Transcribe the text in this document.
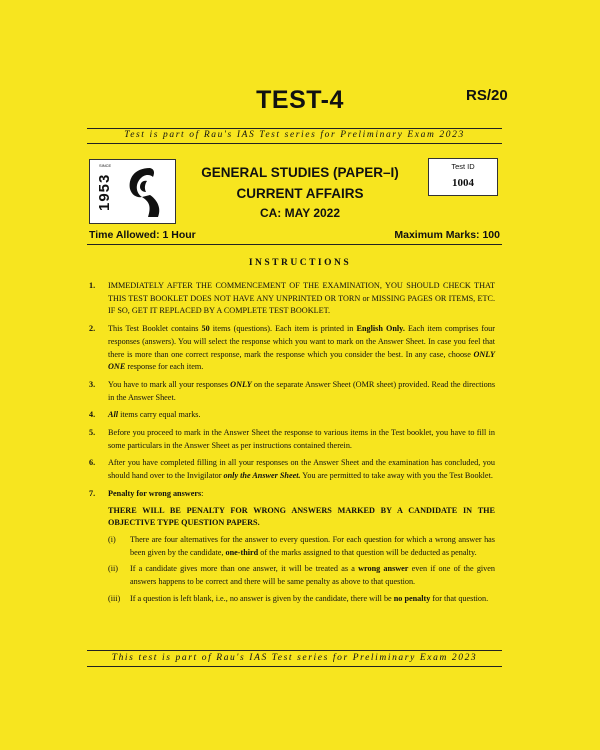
TEST-4	RS/20
Test is part of Rau's IAS Test series for Preliminary Exam 2023
SINCE
1953
GENERAL STUDIES (PAPER–I)
CURRENT AFFAIRS
CA: MAY 2022
Test ID
1004
Time Allowed: 1 Hour	Maximum Marks: 100
INSTRUCTIONS
1. IMMEDIATELY AFTER THE COMMENCEMENT OF THE EXAMINATION, YOU SHOULD CHECK THAT THIS TEST BOOKLET DOES NOT HAVE ANY UNPRINTED OR TORN or MISSING PAGES OR ITEMS, ETC. IF SO, GET IT REPLACED BY A COMPLETE TEST BOOKLET.
2. This Test Booklet contains 50 items (questions). Each item is printed in English Only. Each item comprises four responses (answers). You will select the response which you want to mark on the Answer Sheet. In case you feel that there is more than one correct response, mark the response which you consider the best. In any case, choose ONLY ONE response for each item.
3. You have to mark all your responses ONLY on the separate Answer Sheet (OMR sheet) provided. Read the directions in the Answer Sheet.
4. All items carry equal marks.
5. Before you proceed to mark in the Answer Sheet the response to various items in the Test booklet, you have to fill in some particulars in the Answer Sheet as per instructions contained therein.
6. After you have completed filling in all your responses on the Answer Sheet and the examination has concluded, you should hand over to the Invigilator only the Answer Sheet. You are permitted to take away with you the Test Booklet.
7. Penalty for wrong answers:
THERE WILL BE PENALTY FOR WRONG ANSWERS MARKED BY A CANDIDATE IN THE OBJECTIVE TYPE QUESTION PAPERS.
(i) There are four alternatives for the answer to every question. For each question for which a wrong answer has been given by the candidate, one-third of the marks assigned to that question will be deducted as penalty.
(ii) If a candidate gives more than one answer, it will be treated as a wrong answer even if one of the given answers happens to be correct and there will be same penalty as above to that question.
(iii) If a question is left blank, i.e., no answer is given by the candidate, there will be no penalty for that question.
This test is part of Rau's IAS Test series for Preliminary Exam 2023
